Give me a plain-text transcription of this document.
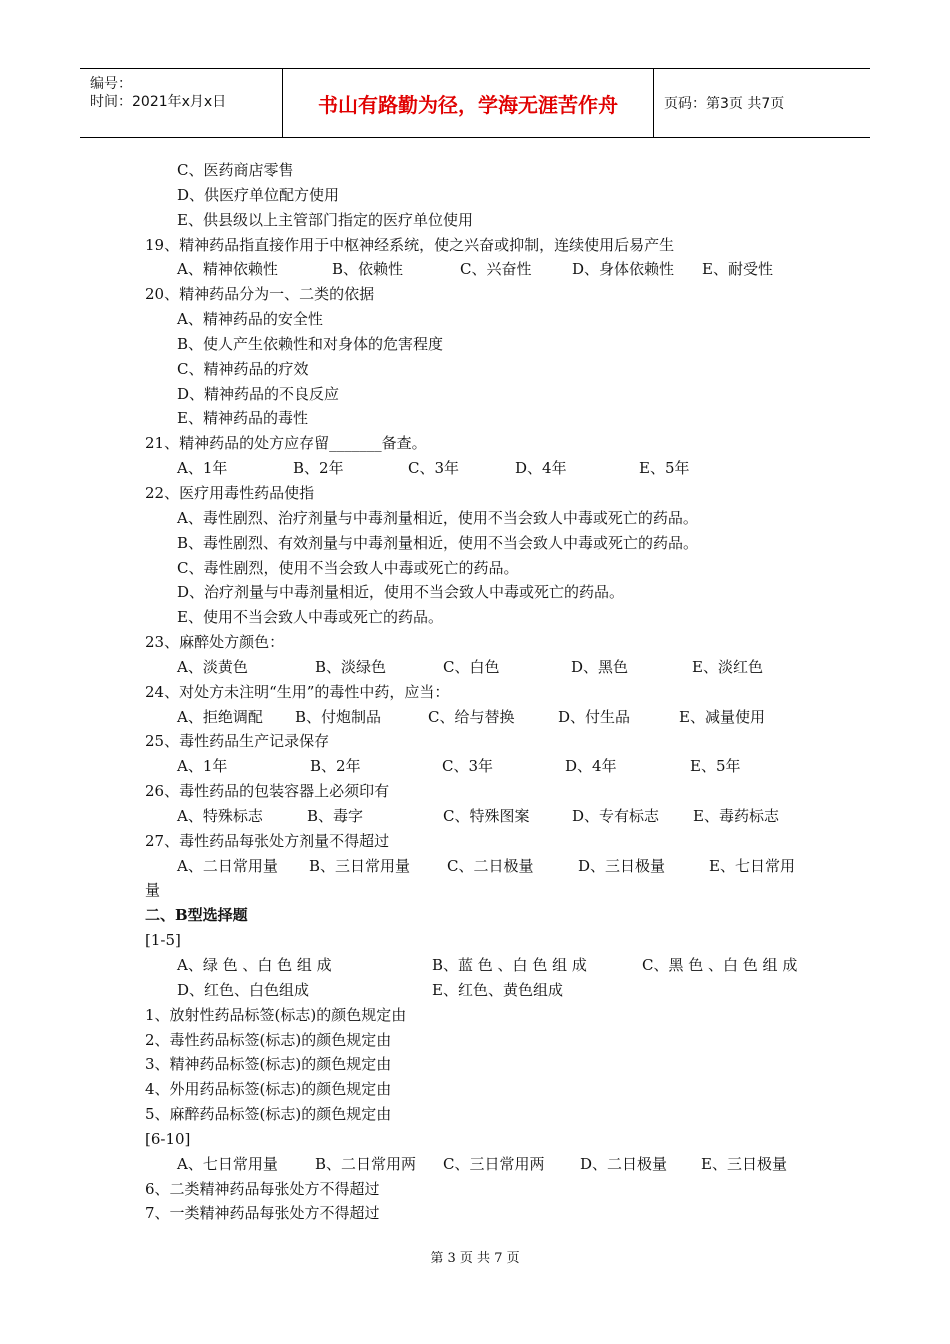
编号：
时间：2021年x月x日	书山有路勤为径，学海无涯苦作舟	页码：第3页 共7页
C、医药商店零售
D、供医疗单位配方使用
E、供县级以上主管部门指定的医疗单位使用
19、精神药品指直接作用于中枢神经系统，使之兴奋或抑制，连续使用后易产生
A、精神依赖性	B、依赖性	C、兴奋性	D、身体依赖性	E、耐受性
20、精神药品分为一、二类的依据
A、精神药品的安全性
B、使人产生依赖性和对身体的危害程度
C、精神药品的疗效
D、精神药品的不良反应
E、精神药品的毒性
21、精神药品的处方应存留_______备查。
A、1年	B、2年	C、3年	D、4年	E、5年
22、医疗用毒性药品使指
A、毒性剧烈、治疗剂量与中毒剂量相近，使用不当会致人中毒或死亡的药品。
B、毒性剧烈、有效剂量与中毒剂量相近，使用不当会致人中毒或死亡的药品。
C、毒性剧烈，使用不当会致人中毒或死亡的药品。
D、治疗剂量与中毒剂量相近，使用不当会致人中毒或死亡的药品。
E、使用不当会致人中毒或死亡的药品。
23、麻醉处方颜色：
A、淡黄色	B、淡绿色	C、白色	D、黑色	E、淡红色
24、对处方未注明“生用”的毒性中药，应当：
A、拒绝调配	B、付炮制品	C、给与替换	D、付生品	E、减量使用
25、毒性药品生产记录保存
A、1年	B、2年	C、3年	D、4年	E、5年
26、毒性药品的包装容器上必须印有
A、特殊标志	B、毒字	C、特殊图案	D、专有标志	E、毒药标志
27、毒性药品每张处方剂量不得超过
A、二日常用量	B、三日常用量	C、二日极量	D、三日极量	E、七日常用
量
二、B型选择题
[1-5]
A、绿 色 、白 色 组 成	B、蓝 色 、白 色 组 成	C、黑 色 、白 色 组 成
D、红色、白色组成	E、红色、黄色组成
1、放射性药品标签(标志)的颜色规定由
2、毒性药品标签(标志)的颜色规定由
3、精神药品标签(标志)的颜色规定由
4、外用药品标签(标志)的颜色规定由
5、麻醉药品标签(标志)的颜色规定由
[6-10]
A、七日常用量	B、二日常用两	C、三日常用两	D、二日极量	E、三日极量
6、二类精神药品每张处方不得超过
7、一类精神药品每张处方不得超过
第 3 页 共 7 页
